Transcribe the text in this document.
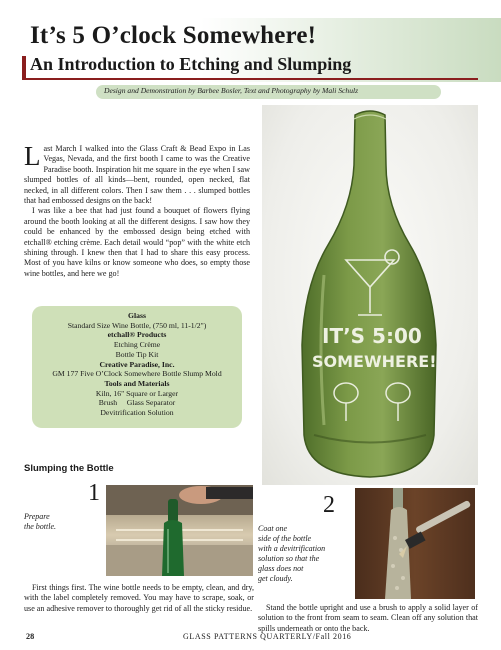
It’s 5 O’clock Somewhere!
An Introduction to Etching and Slumping
Design and Demonstration by Barbee Bosler, Text and Photography by Mali Schulz

Last March I walked into the Glass Craft & Bead Expo in Las Vegas, Nevada, and the first booth I came to was the Creative Paradise booth. Inspiration hit me square in the eye when I saw slumped bottles of all kinds—bent, rounded, open necked, flat necked, in all different colors. Then I saw them . . . slumped bottles that had embossed designs on the back!

I was like a bee that had just found a bouquet of flowers flying around the booth looking at all the different designs. I saw how they could be enhanced by the embossed design being etched with etchall® etching crème. Each detail would “pop” with the white etch shining through. I knew then that I had to share this easy process. Most of you have kilns or know someone who does, so empty those wine bottles, and here we go!

IT’S 5:00
SOMEWHERE!
Glass
Standard Size Wine Bottle, (750 ml, 11-1/2")
etchall® Products
Etching Crème
Bottle Tip Kit
Creative Paradise, Inc.
GM 177 Five O’Clock Somewhere Bottle Slump Mold
Tools and Materials
Kiln, 16" Square or Larger
Brush     Glass Separator
Devitrification Solution
Slumping the Bottle
1
Prepare
the bottle.
2
Coat one
side of the bottle
with a devitrification
solution so that the
glass does not
get cloudy.

First things first. The wine bottle needs to be empty, clean, and dry, with the label completely removed. You may have to scrape, soak, or use an adhesive remover to thoroughly get rid of all the sticky residue.	Stand the bottle upright and use a brush to apply a solid layer of solution to the front from seam to seam. Clean off any solution that spills underneath or onto the back.

28	GLASS PATTERNS QUARTERLY/Fall 2016
